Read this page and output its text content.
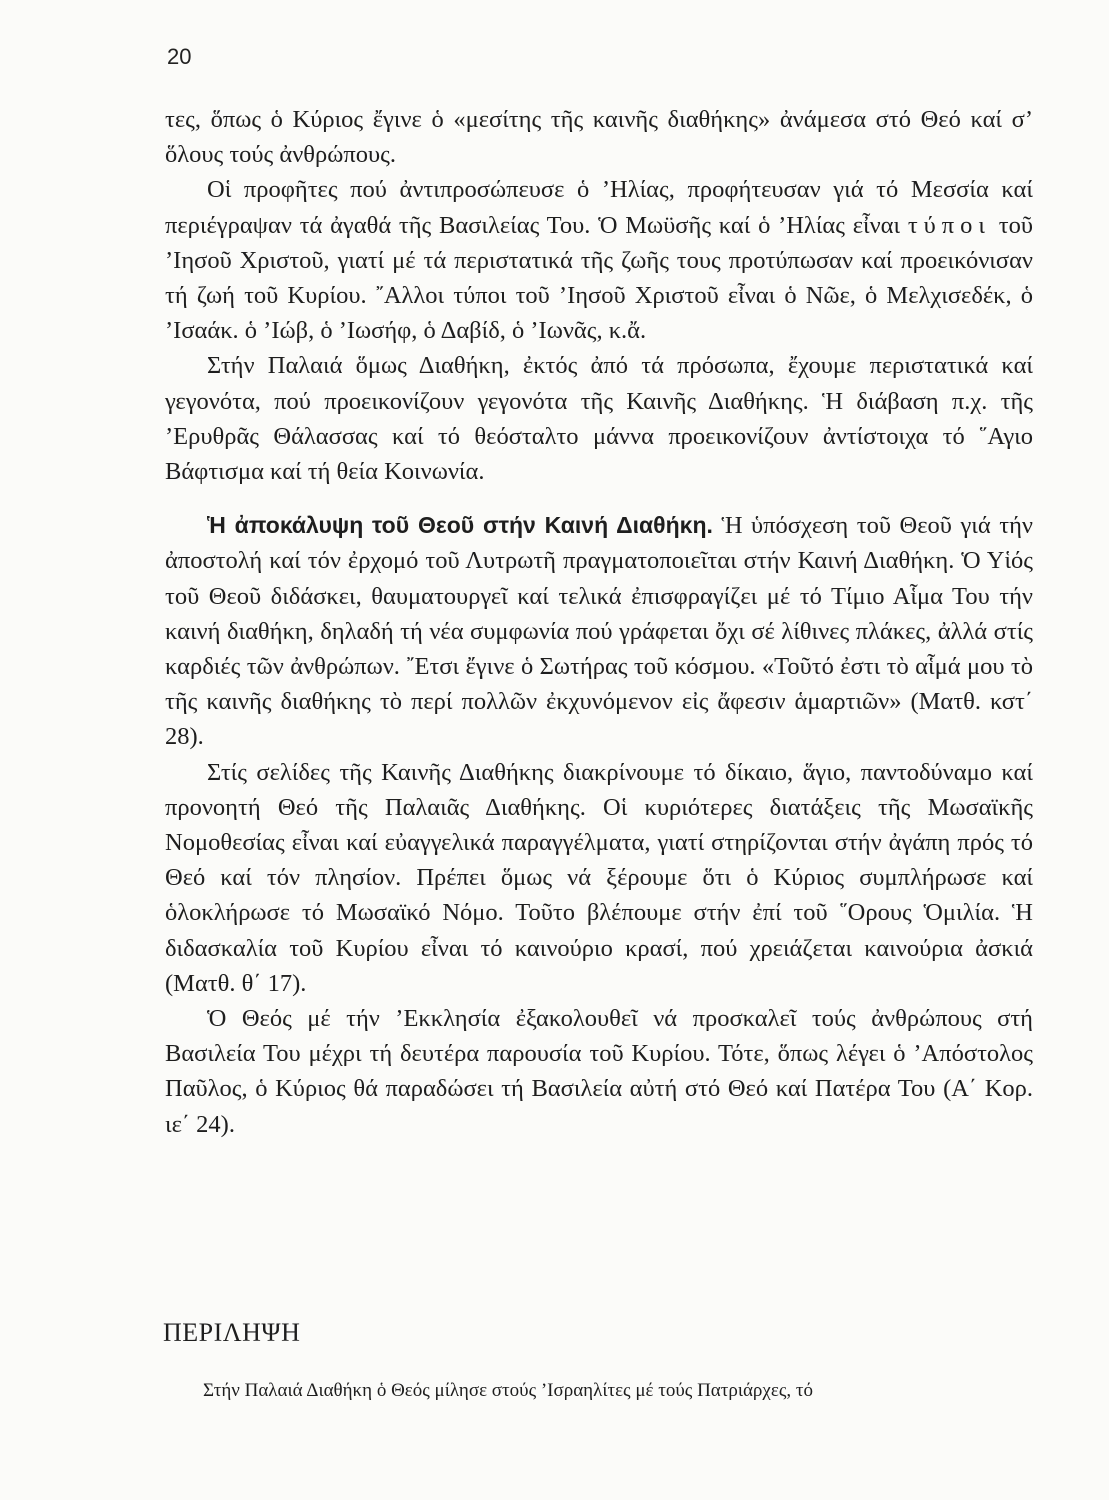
20

τες, ὅπως ὁ Κύριος ἔγινε ὁ «μεσίτης τῆς καινῆς διαθήκης» ἀνάμεσα στό Θεό καί σ’ ὅλους τούς ἀνθρώπους.

Οἱ προφῆτες πού ἀντιπροσώπευσε ὁ ’Ηλίας, προφήτευσαν γιά τό Μεσσία καί περιέγραψαν τά ἀγαθά τῆς Βασιλείας Του. Ὁ Μωϋσῆς καί ὁ ’Ηλίας εἶναι τύποι τοῦ ’Ιησοῦ Χριστοῦ, γιατί μέ τά περιστατικά τῆς ζωῆς τους προτύπωσαν καί προεικόνισαν τή ζωή τοῦ Κυρίου. ῎Αλλοι τύποι τοῦ ’Ιησοῦ Χριστοῦ εἶναι ὁ Νῶε, ὁ Μελχισεδέκ, ὁ ’Ισαάκ. ὁ ’Ιώβ, ὁ ’Ιωσήφ, ὁ Δαβίδ, ὁ ’Ιωνᾶς, κ.ἄ.

Στήν Παλαιά ὅμως Διαθήκη, ἐκτός ἀπό τά πρόσωπα, ἔχουμε περιστατικά καί γεγονότα, πού προεικονίζουν γεγονότα τῆς Καινῆς Διαθήκης. Ἡ διάβαση π.χ. τῆς ’Ερυθρᾶς Θάλασσας καί τό θεόσταλτο μάννα προεικονίζουν ἀντίστοιχα τό ῞Αγιο Βάφτισμα καί τή θεία Κοινωνία.

Ἡ ἀποκάλυψη τοῦ Θεοῦ στήν Καινή Διαθήκη. Ἡ ὑπόσχεση τοῦ Θεοῦ γιά τήν ἀποστολή καί τόν ἐρχομό τοῦ Λυτρωτῆ πραγματοποιεῖται στήν Καινή Διαθήκη. Ὁ Υἱός τοῦ Θεοῦ διδάσκει, θαυματουργεῖ καί τελικά ἐπισφραγίζει μέ τό Τίμιο Αἷμα Του τήν καινή διαθήκη, δηλαδή τή νέα συμφωνία πού γράφεται ὄχι σέ λίθινες πλάκες, ἀλλά στίς καρδιές τῶν ἀνθρώπων. ῎Ετσι ἔγινε ὁ Σωτήρας τοῦ κόσμου. «Τοῦτό ἐστι τὸ αἷμά μου τὸ τῆς καινῆς διαθήκης τὸ περί πολλῶν ἐκχυνόμενον εἰς ἄφεσιν ἁμαρτιῶν» (Ματθ. κστ΄ 28).

Στίς σελίδες τῆς Καινῆς Διαθήκης διακρίνουμε τό δίκαιο, ἅγιο, παντοδύναμο καί προνοητή Θεό τῆς Παλαιᾶς Διαθήκης. Οἱ κυριότερες διατάξεις τῆς Μωσαϊκῆς Νομοθεσίας εἶναι καί εὐαγγελικά παραγγέλματα, γιατί στηρίζονται στήν ἀγάπη πρός τό Θεό καί τόν πλησίον. Πρέπει ὅμως νά ξέρουμε ὅτι ὁ Κύριος συμπλήρωσε καί ὁλοκλήρωσε τό Μωσαϊκό Νόμο. Τοῦτο βλέπουμε στήν ἐπί τοῦ ῞Ορους Ὁμιλία. Ἡ διδασκαλία τοῦ Κυρίου εἶναι τό καινούριο κρασί, πού χρειάζεται καινούρια ἀσκιά (Ματθ. θ΄ 17).

Ὁ Θεός μέ τήν ’Εκκλησία ἐξακολουθεῖ νά προσκαλεῖ τούς ἀνθρώπους στή Βασιλεία Του μέχρι τή δευτέρα παρουσία τοῦ Κυρίου. Τότε, ὅπως λέγει ὁ ’Απόστολος Παῦλος, ὁ Κύριος θά παραδώσει τή Βασιλεία αὐτή στό Θεό καί Πατέρα Του (Α΄ Κορ. ιε΄ 24).

ΠΕΡΙΛΗΨΗ
Στήν Παλαιά Διαθήκη ὁ Θεός μίλησε στούς ’Ισραηλίτες μέ τούς Πατριάρχες, τό
